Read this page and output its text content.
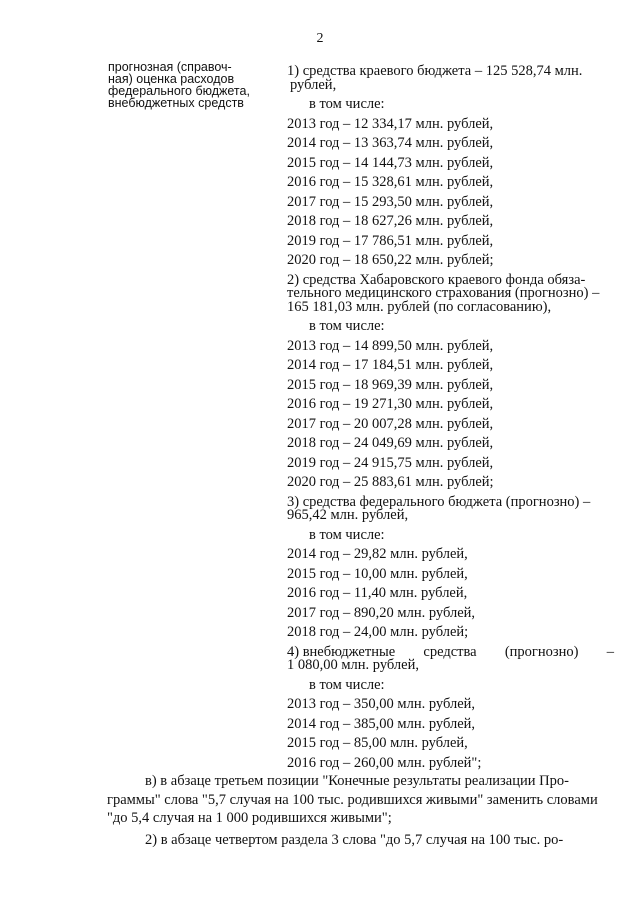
2
прогнозная (справоч-
ная) оценка расходов
федерального бюджета,
внебюджетных средств
1) средства краевого бюджета – 125 528,74 млн.
рублей,
в том числе:
2013 год – 12 334,17 млн. рублей,
2014 год – 13 363,74 млн. рублей,
2015 год – 14 144,73 млн. рублей,
2016 год – 15 328,61 млн. рублей,
2017 год – 15 293,50 млн. рублей,
2018 год – 18 627,26 млн. рублей,
2019 год – 17 786,51 млн. рублей,
2020 год – 18 650,22 млн. рублей;
2) средства Хабаровского краевого фонда обяза-
тельного медицинского страхования (прогнозно) –
165 181,03 млн. рублей (по согласованию),
в том числе:
2013 год – 14 899,50 млн. рублей,
2014 год – 17 184,51 млн. рублей,
2015 год – 18 969,39 млн. рублей,
2016 год – 19 271,30 млн. рублей,
2017 год – 20 007,28 млн. рублей,
2018 год – 24 049,69 млн. рублей,
2019 год – 24 915,75 млн. рублей,
2020 год – 25 883,61 млн. рублей;
3) средства федерального бюджета (прогнозно) –
965,42 млн. рублей,
в том числе:
2014 год – 29,82 млн. рублей,
2015 год – 10,00 млн. рублей,
2016 год – 11,40 млн. рублей,
2017 год – 890,20 млн. рублей,
2018 год – 24,00 млн. рублей;
4) внебюджетные средства (прогнозно) –
1 080,00 млн. рублей,
в том числе:
2013 год – 350,00 млн. рублей,
2014 год – 385,00 млн. рублей,
2015 год – 85,00 млн. рублей,
2016 год – 260,00 млн. рублей";
в) в абзаце третьем позиции "Конечные результаты реализации Про-
граммы" слова "5,7 случая на 100 тыс. родившихся живыми" заменить словами
"до 5,4 случая на 1 000 родившихся живыми";
2) в абзаце четвертом раздела 3 слова "до 5,7 случая на 100 тыс. ро-
